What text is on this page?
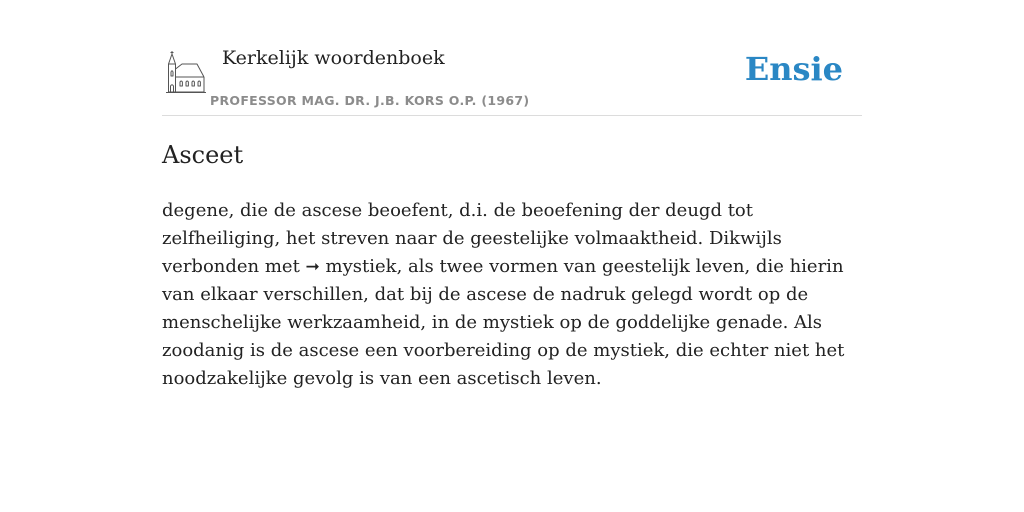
Kerkelijk woordenboek
PROFESSOR MAG. DR. J.B. KORS O.P. (1967)
Ensie
Asceet

degene, die de ascese beoefent, d.i. de beoefening der deugd tot zelfheiliging, het streven naar de geestelijke volmaaktheid. Dikwijls verbonden met ➞ mystiek, als twee vormen van geestelijk leven, die hierin van elkaar verschillen, dat bij de ascese de nadruk gelegd wordt op de menschelijke werkzaamheid, in de mystiek op de goddelijke genade. Als zoodanig is de ascese een voorbereiding op de mystiek, die echter niet het noodzakelijke gevolg is van een ascetisch leven.
